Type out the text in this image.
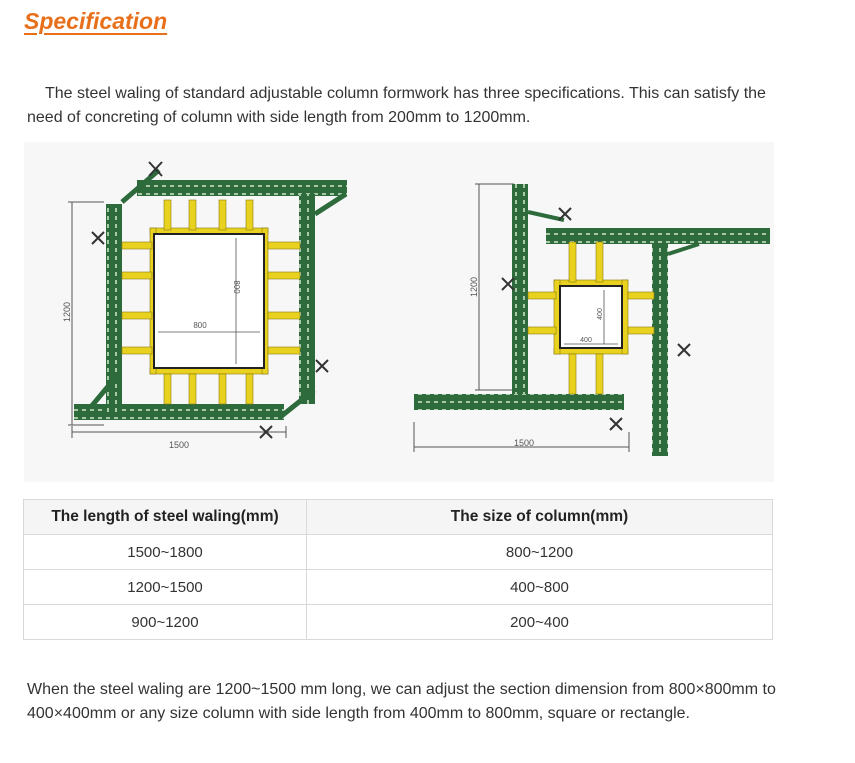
Specification

The steel waling of standard adjustable column formwork has three specifications. This can satisfy the need of concreting of column with side length from 200mm to 1200mm.

1200
1500
800
800	1200
1500
400
400
The length of steel waling(mm)	The size of column(mm)
1500~1800	800~1200
1200~1500	400~800
900~1200	200~400

When the steel waling are 1200~1500 mm long, we can adjust the section dimension from 800×800mm to 400×400mm or any size column with side length from 400mm to 800mm, square or rectangle.
